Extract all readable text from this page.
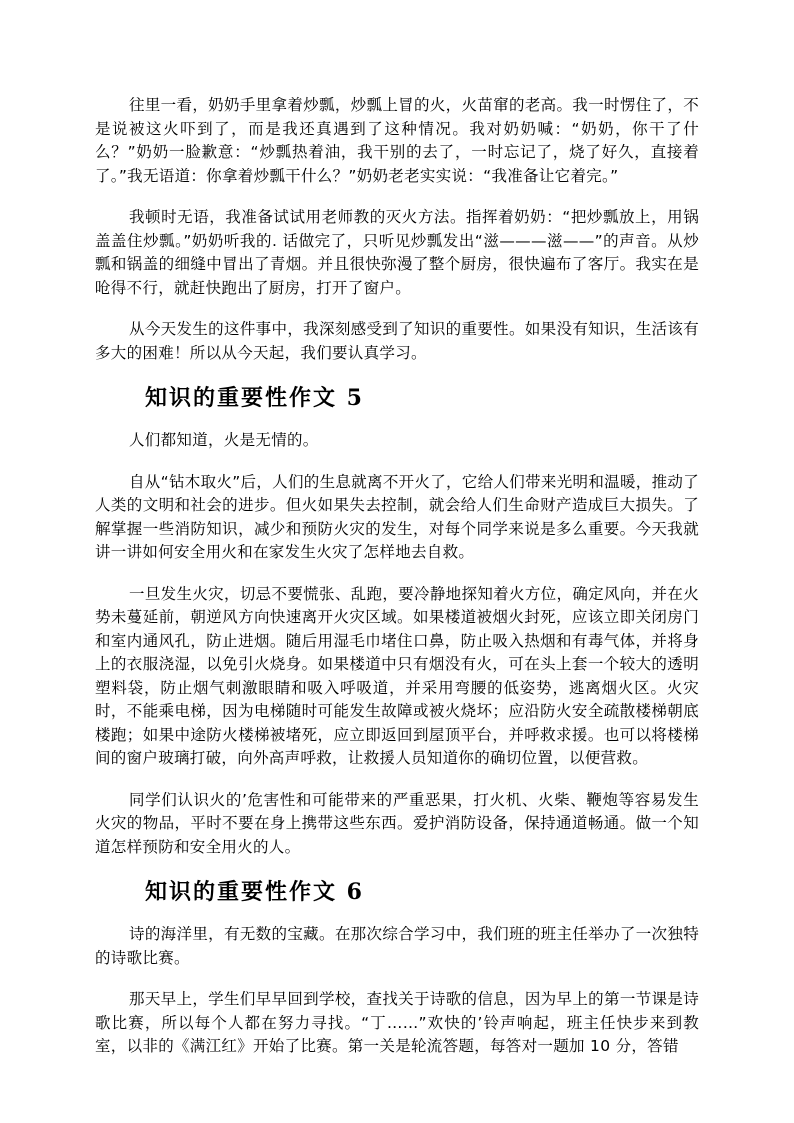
往里一看，奶奶手里拿着炒瓢，炒瓢上冒的火，火苗窜的老高。我一时愣住了，不是说被这火吓到了，而是我还真遇到了这种情况。我对奶奶喊：“奶奶，你干了什么？”奶奶一脸歉意：“炒瓢热着油，我干别的去了，一时忘记了，烧了好久，直接着了。”我无语道：你拿着炒瓢干什么？”奶奶老老实实说：“我准备让它着完。”

我顿时无语，我准备试试用老师教的灭火方法。指挥着奶奶：“把炒瓢放上，用锅盖盖住炒瓢。”奶奶听我的. 话做完了，只听见炒瓢发出“滋———滋——”的声音。从炒瓢和锅盖的细缝中冒出了青烟。并且很快弥漫了整个厨房，很快遍布了客厅。我实在是呛得不行，就赶快跑出了厨房，打开了窗户。

从今天发生的这件事中，我深刻感受到了知识的重要性。如果没有知识，生活该有多大的困难！所以从今天起，我们要认真学习。

知识的重要性作文 5

人们都知道，火是无情的。

自从“钻木取火”后，人们的生息就离不开火了，它给人们带来光明和温暖，推动了人类的文明和社会的进步。但火如果失去控制，就会给人们生命财产造成巨大损失。了解掌握一些消防知识，减少和预防火灾的发生，对每个同学来说是多么重要。今天我就讲一讲如何安全用火和在家发生火灾了怎样地去自救。

一旦发生火灾，切忌不要慌张、乱跑，要冷静地探知着火方位，确定风向，并在火势未蔓延前，朝逆风方向快速离开火灾区域。如果楼道被烟火封死，应该立即关闭房门和室内通风孔，防止进烟。随后用湿毛巾堵住口鼻，防止吸入热烟和有毒气体，并将身上的衣服浇湿，以免引火烧身。如果楼道中只有烟没有火，可在头上套一个较大的透明塑料袋，防止烟气刺激眼睛和吸入呼吸道，并采用弯腰的低姿势，逃离烟火区。火灾时，不能乘电梯，因为电梯随时可能发生故障或被火烧坏；应沿防火安全疏散楼梯朝底楼跑；如果中途防火楼梯被堵死，应立即返回到屋顶平台，并呼救求援。也可以将楼梯间的窗户玻璃打破，向外高声呼救，让救援人员知道你的确切位置，以便营救。

同学们认识火的’危害性和可能带来的严重恶果，打火机、火柴、鞭炮等容易发生火灾的物品，平时不要在身上携带这些东西。爱护消防设备，保持通道畅通。做一个知道怎样预防和安全用火的人。

知识的重要性作文 6

诗的海洋里，有无数的宝藏。在那次综合学习中，我们班的班主任举办了一次独特的诗歌比赛。

那天早上，学生们早早回到学校，查找关于诗歌的信息，因为早上的第一节课是诗歌比赛，所以每个人都在努力寻找。“丁……”欢快的’铃声响起，班主任快步来到教室，以非的《满江红》开始了比赛。第一关是轮流答题，每答对一题加 10 分，答错
